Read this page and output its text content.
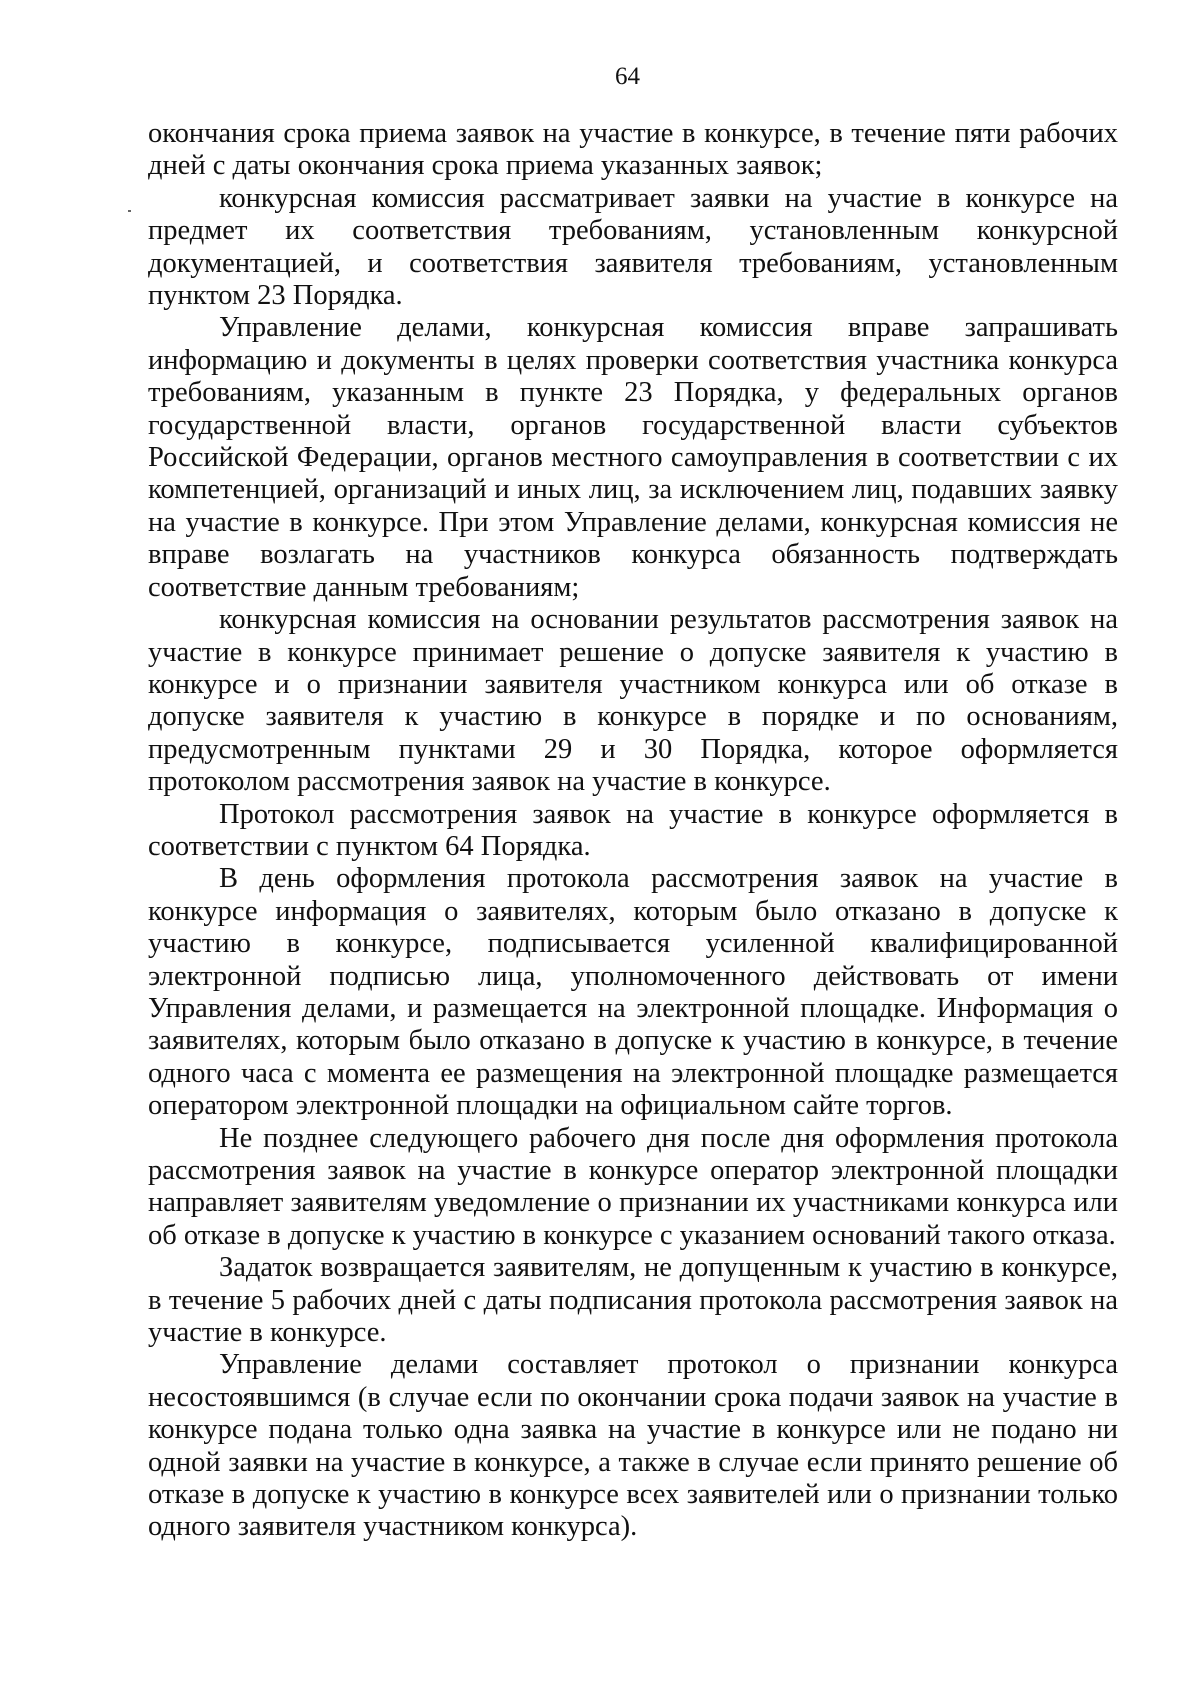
64

окончания срока приема заявок на участие в конкурсе, в течение пяти рабочих дней с даты окончания срока приема указанных заявок;

конкурсная комиссия рассматривает заявки на участие в конкурсе на предмет их соответствия требованиям, установленным конкурсной документацией, и соответствия заявителя требованиям, установленным пунктом 23 Порядка.

Управление делами, конкурсная комиссия вправе запрашивать информацию и документы в целях проверки соответствия участника конкурса требованиям, указанным в пункте 23 Порядка, у федеральных органов государственной власти, органов государственной власти субъектов Российской Федерации, органов местного самоуправления в соответствии с их компетенцией, организаций и иных лиц, за исключением лиц, подавших заявку на участие в конкурсе. При этом Управление делами, конкурсная комиссия не вправе возлагать на участников конкурса обязанность подтверждать соответствие данным требованиям;

конкурсная комиссия на основании результатов рассмотрения заявок на участие в конкурсе принимает решение о допуске заявителя к участию в конкурсе и о признании заявителя участником конкурса или об отказе в допуске заявителя к участию в конкурсе в порядке и по основаниям, предусмотренным пунктами 29 и 30 Порядка, которое оформляется протоколом рассмотрения заявок на участие в конкурсе.

Протокол рассмотрения заявок на участие в конкурсе оформляется в соответствии с пунктом 64 Порядка.

В день оформления протокола рассмотрения заявок на участие в конкурсе информация о заявителях, которым было отказано в допуске к участию в конкурсе, подписывается усиленной квалифицированной электронной подписью лица, уполномоченного действовать от имени Управления делами, и размещается на электронной площадке. Информация о заявителях, которым было отказано в допуске к участию в конкурсе, в течение одного часа с момента ее размещения на электронной площадке размещается оператором электронной площадки на официальном сайте торгов.

Не позднее следующего рабочего дня после дня оформления протокола рассмотрения заявок на участие в конкурсе оператор электронной площадки направляет заявителям уведомление о признании их участниками конкурса или об отказе в допуске к участию в конкурсе с указанием оснований такого отказа.

Задаток возвращается заявителям, не допущенным к участию в конкурсе, в течение 5 рабочих дней с даты подписания протокола рассмотрения заявок на участие в конкурсе.

Управление делами составляет протокол о признании конкурса несостоявшимся (в случае если по окончании срока подачи заявок на участие в конкурсе подана только одна заявка на участие в конкурсе или не подано ни одной заявки на участие в конкурсе, а также в случае если принято решение об отказе в допуске к участию в конкурсе всех заявителей или о признании только одного заявителя участником конкурса).
